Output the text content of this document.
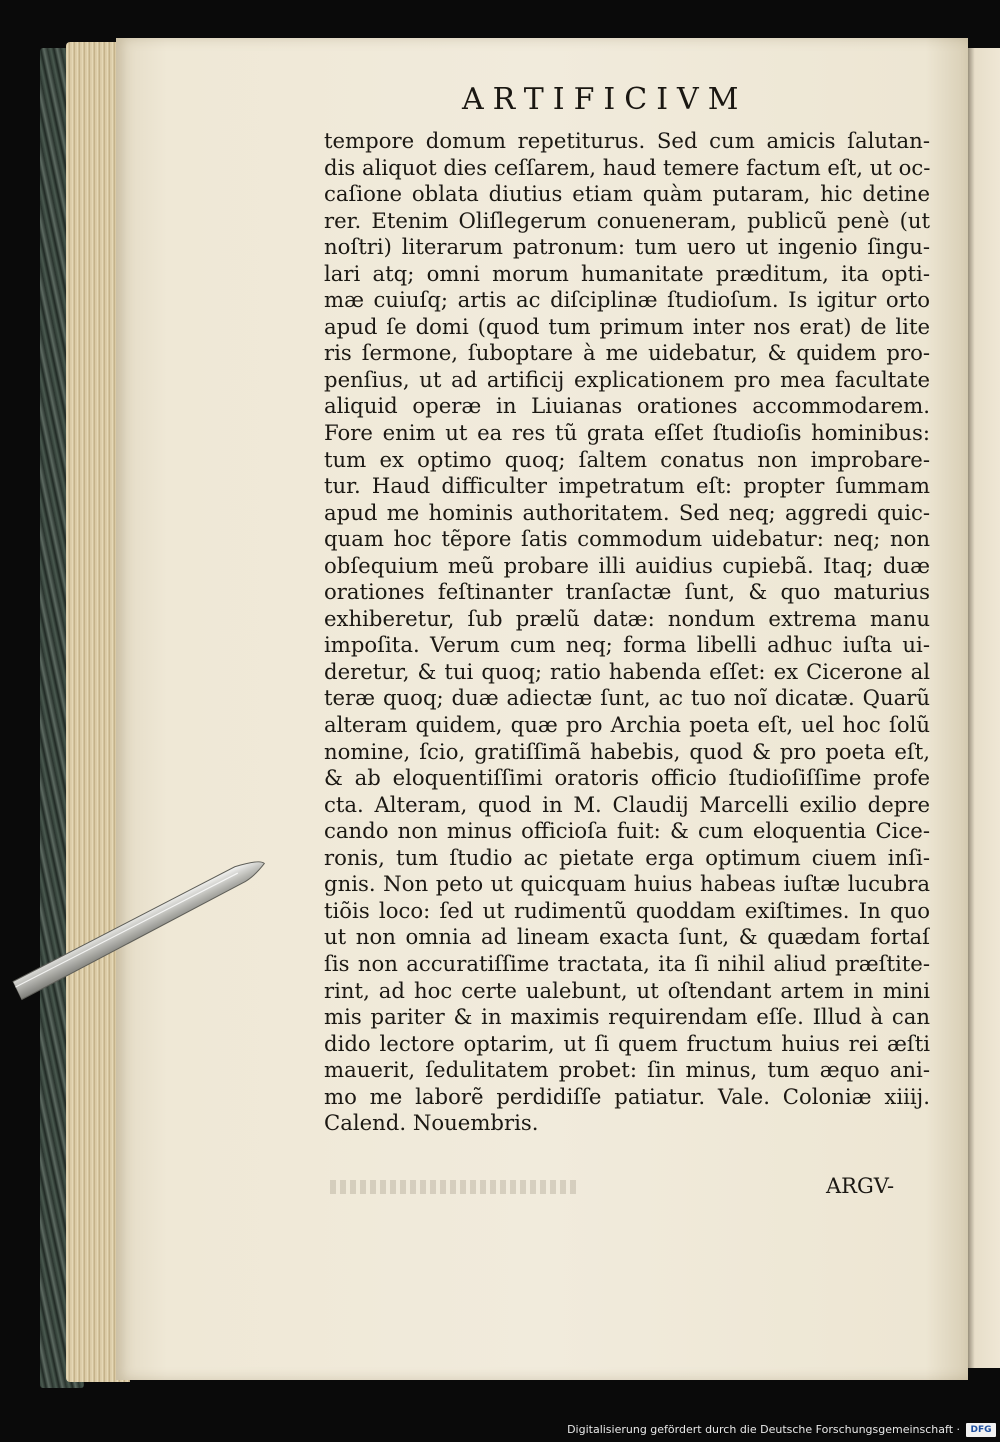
ARTIFICIVM
tempore domum repetiturus. Sed cum amicis ſalutan-
dis aliquot dies ceſſarem, haud temere factum eſt, ut oc-
caſione oblata diutius etiam quàm putaram, hic detine
rer. Etenim Oliſlegerum conueneram, publicũ penè (ut
noſtri) literarum patronum: tum uero ut ingenio ſingu-
lari atq; omni morum humanitate prӕditum, ita opti-
mӕ cuiuſq; artis ac diſciplinӕ ſtudioſum. Is igitur orto
apud ſe domi (quod tum primum inter nos erat) de lite
ris ſermone, ſuboptare à me uidebatur, & quidem pro-
penſius, ut ad artificij explicationem pro mea facultate
aliquid operӕ in Liuianas orationes accommodarem.
Fore enim ut ea res tũ grata eſſet ſtudioſis hominibus:
tum ex optimo quoq; ſaltem conatus non improbare-
tur. Haud difficulter impetratum eſt: propter ſummam
apud me hominis authoritatem. Sed neq; aggredi quic-
quam hoc tẽpore ſatis commodum uidebatur: neq; non
obſequium meũ probare illi auidius cupiebã. Itaq; duӕ
orationes feſtinanter tranſactӕ ſunt, & quo maturius
exhiberetur, ſub prӕlũ datӕ: nondum extrema manu
impoſita. Verum cum neq; forma libelli adhuc iuſta ui-
deretur, & tui quoq; ratio habenda eſſet: ex Cicerone al
terӕ quoq; duӕ adiectӕ ſunt, ac tuo noĩ dicatӕ. Quarũ
alteram quidem, quӕ pro Archia poeta eſt, uel hoc ſolũ
nomine, ſcio, gratiſſimã habebis, quod & pro poeta eſt,
& ab eloquentiſſimi oratoris officio ſtudioſiſſime profe
cta. Alteram, quod in M. Claudij Marcelli exilio depre
cando non minus officioſa fuit: & cum eloquentia Cice-
ronis, tum ſtudio ac pietate erga optimum ciuem inſi-
gnis. Non peto ut quicquam huius habeas iuſtӕ lucubra
tiõis loco: ſed ut rudimentũ quoddam exiſtimes. In quo
ut non omnia ad lineam exacta ſunt, & quӕdam fortaſ
ſis non accuratiſſime tractata, ita ſi nihil aliud prӕſtite-
rint, ad hoc certe ualebunt, ut oſtendant artem in mini
mis pariter & in maximis requirendam eſſe. Illud à can
dido lectore optarim, ut ſi quem fructum huius rei ӕſti
mauerit, ſedulitatem probet: ſin minus, tum ӕquo ani-
mo me laborẽ perdidiſſe patiatur. Vale. Coloniӕ xiiij.
Calend. Nouembris.
ARGV-
Digitalisierung gefördert durch die Deutsche Forschungsgemeinschaft ·	DFG
